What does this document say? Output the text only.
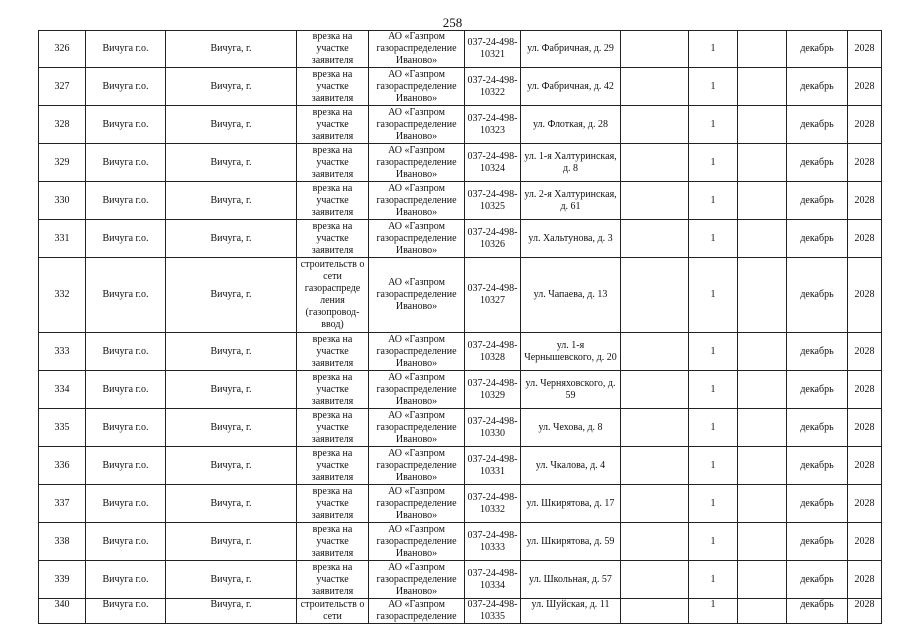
258
326	Вичуга г.о.	Вичуга, г.	врезка на участке заявителя	АО «Газпром газораспределение Иваново»	037-24-498-10321	ул. Фабричная, д. 29		1		декабрь	2028
327	Вичуга г.о.	Вичуга, г.	врезка на участке заявителя	АО «Газпром газораспределение Иваново»	037-24-498-10322	ул. Фабричная, д. 42		1		декабрь	2028
328	Вичуга г.о.	Вичуга, г.	врезка на участке заявителя	АО «Газпром газораспределение Иваново»	037-24-498-10323	ул. Флоткая, д. 28		1		декабрь	2028
329	Вичуга г.о.	Вичуга, г.	врезка на участке заявителя	АО «Газпром газораспределение Иваново»	037-24-498-10324	ул. 1-я Халтуринская, д. 8		1		декабрь	2028
330	Вичуга г.о.	Вичуга, г.	врезка на участке заявителя	АО «Газпром газораспределение Иваново»	037-24-498-10325	ул. 2-я Халтуринская, д. 61		1		декабрь	2028
331	Вичуга г.о.	Вичуга, г.	врезка на участке заявителя	АО «Газпром газораспределение Иваново»	037-24-498-10326	ул. Хальтунова, д. 3		1		декабрь	2028
332	Вичуга г.о.	Вичуга, г.	строительств о сети газораспреде ления (газопровод-ввод)	АО «Газпром газораспределение Иваново»	037-24-498-10327	ул. Чапаева, д. 13		1		декабрь	2028
333	Вичуга г.о.	Вичуга, г.	врезка на участке заявителя	АО «Газпром газораспределение Иваново»	037-24-498-10328	ул. 1-я Чернышевского, д. 20		1		декабрь	2028
334	Вичуга г.о.	Вичуга, г.	врезка на участке заявителя	АО «Газпром газораспределение Иваново»	037-24-498-10329	ул. Черняховского, д. 59		1		декабрь	2028
335	Вичуга г.о.	Вичуга, г.	врезка на участке заявителя	АО «Газпром газораспределение Иваново»	037-24-498-10330	ул. Чехова, д. 8		1		декабрь	2028
336	Вичуга г.о.	Вичуга, г.	врезка на участке заявителя	АО «Газпром газораспределение Иваново»	037-24-498-10331	ул. Чкалова, д. 4		1		декабрь	2028
337	Вичуга г.о.	Вичуга, г.	врезка на участке заявителя	АО «Газпром газораспределение Иваново»	037-24-498-10332	ул. Шкирятова, д. 17		1		декабрь	2028
338	Вичуга г.о.	Вичуга, г.	врезка на участке заявителя	АО «Газпром газораспределение Иваново»	037-24-498-10333	ул. Шкирятова, д. 59		1		декабрь	2028
339	Вичуга г.о.	Вичуга, г.	врезка на участке заявителя	АО «Газпром газораспределение Иваново»	037-24-498-10334	ул. Школьная, д. 57		1		декабрь	2028
340	Вичуга г.о.	Вичуга, г.	строительств о сети	АО «Газпром газораспределение	037-24-498-10335	ул. Шуйская, д. 11		1		декабрь	2028
